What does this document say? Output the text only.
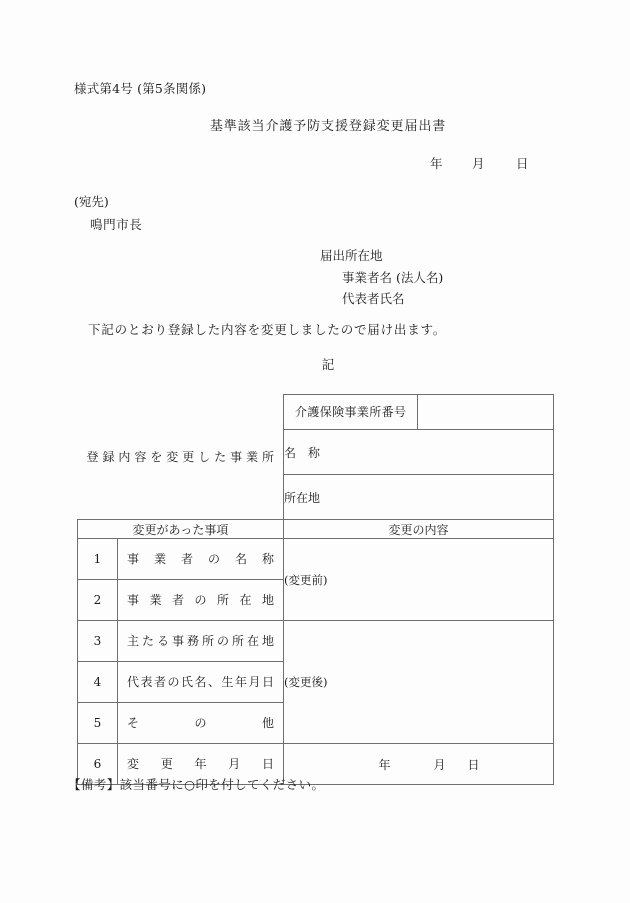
様式第4号 (第5条関係)
基準該当介護予防支援登録変更届出書
年 月	日
(宛先)
鳴門市長
届出所在地
事業者名 (法人名)
代表者氏名
下記のとおり登録した内容を変更しましたので届け出ます。
記
登録内容を変更した事業所		介護保険事業所番号	

		名　称	
		所在地	
変更があった事項		変更の内容	
1	事業者の名称	(変更前)	
2	事業者の所在地		

3	主たる事務所の所在地	(変更後)	
4	代表者の氏名、生年月日		

5	その他		

6	変更年月日	年 月 日	
【備考】該当番号に○印を付してください。
